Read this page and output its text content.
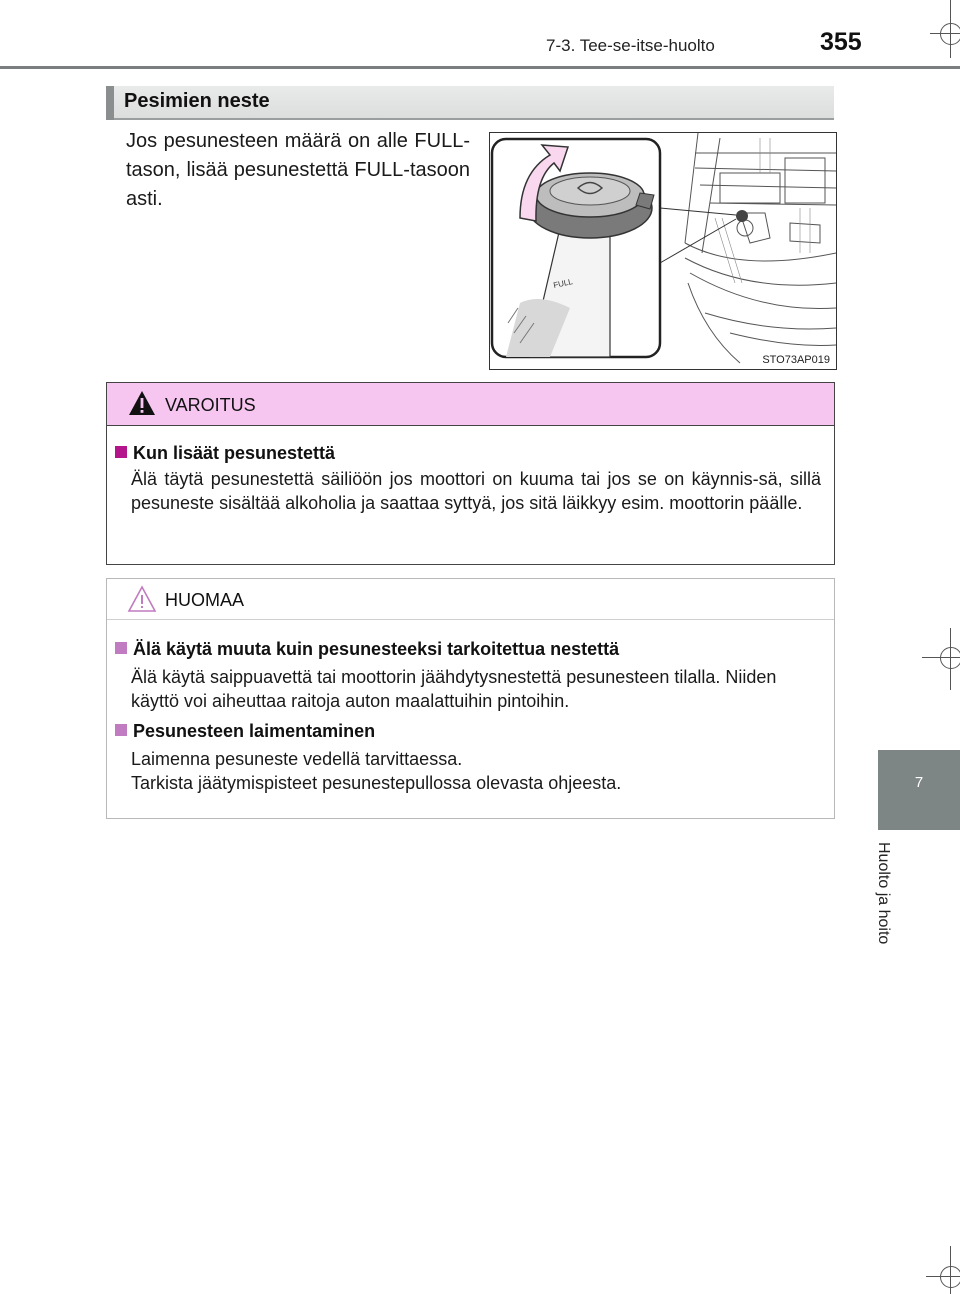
7-3. Tee-se-itse-huolto	355
7
Huolto ja hoito
Pesimien neste
Jos pesunesteen määrä on alle FULL-tason, lisää pesunestettä FULL-tasoon asti.
FULL
STO73AP019
VAROITUS
Kun lisäät pesunestettä
Älä täytä pesunestettä säiliöön jos moottori on kuuma tai jos se on käynnis-sä, sillä pesuneste sisältää alkoholia ja saattaa syttyä, jos sitä läikkyy esim. moottorin päälle.
HUOMAA
Älä käytä muuta kuin pesunesteeksi tarkoitettua nestettä
Älä käytä saippuavettä tai moottorin jäähdytysnestettä pesunesteen tilalla. Niiden käyttö voi aiheuttaa raitoja auton maalattuihin pintoihin.
Pesunesteen laimentaminen
Laimenna pesuneste vedellä tarvittaessa.
Tarkista jäätymispisteet pesunestepullossa olevasta ohjeesta.
